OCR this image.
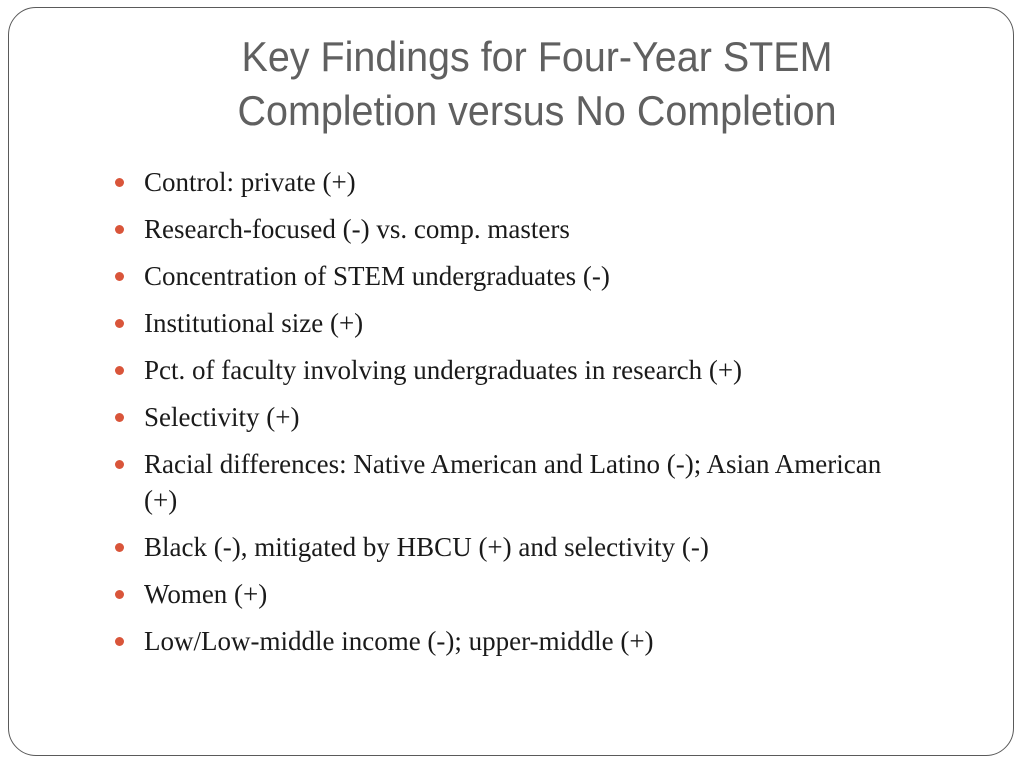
Key Findings for Four-Year STEM
Completion versus No Completion
Control: private (+)
Research-focused (-) vs. comp. masters
Concentration of STEM undergraduates (-)
Institutional size (+)
Pct. of faculty involving undergraduates in research (+)
Selectivity (+)
Racial differences: Native American and Latino (-); Asian American (+)
Black (-), mitigated by HBCU (+) and selectivity (-)
Women (+)
Low/Low-middle income (-); upper-middle (+)
